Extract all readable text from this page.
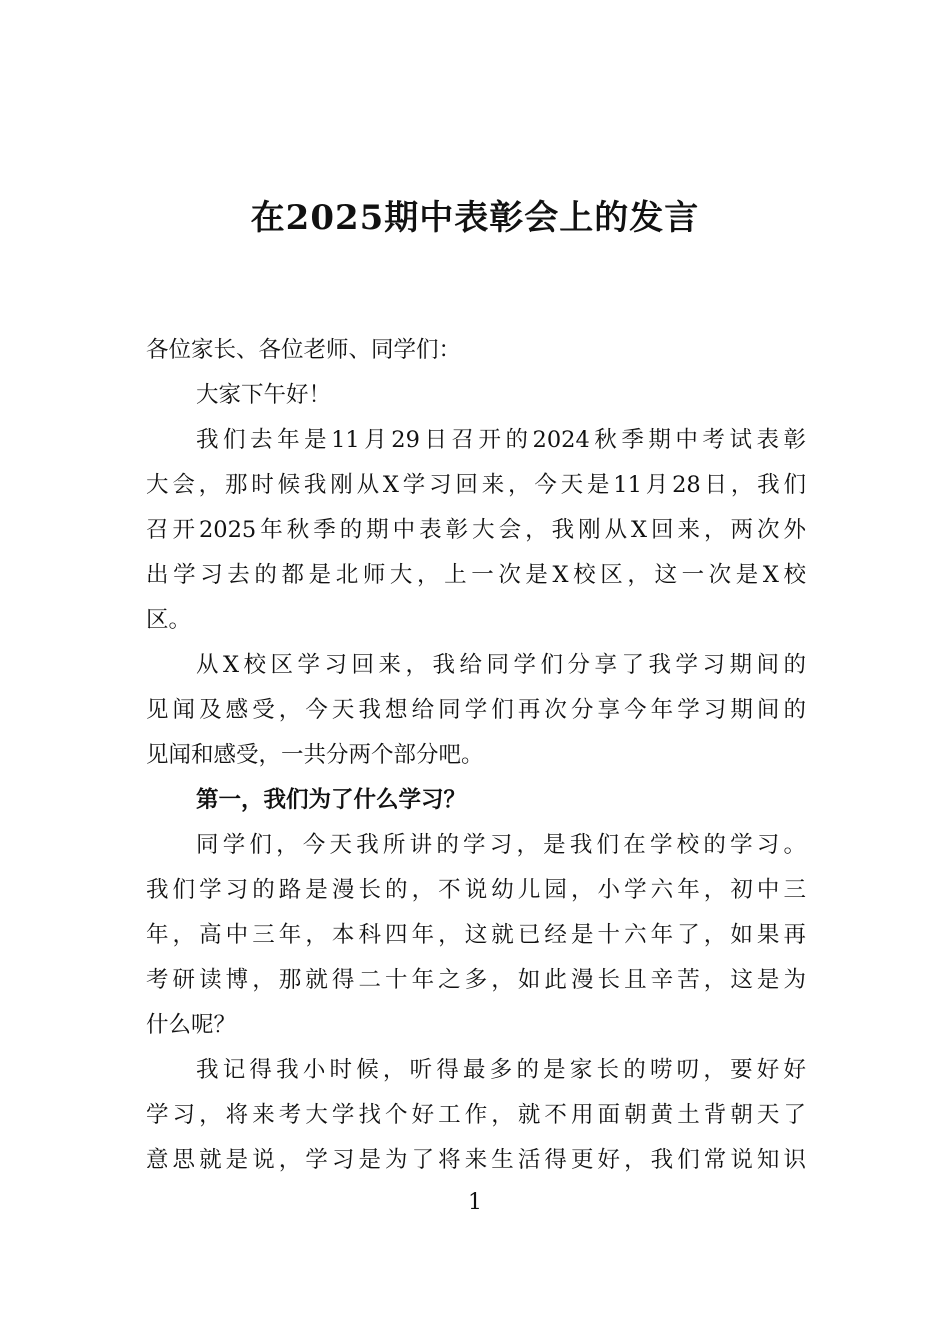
在2025期中表彰会上的发言
各位家长、各位老师、同学们：
大家下午好！
我们去年是11月29日召开的2024秋季期中考试表彰
大会，那时候我刚从X学习回来，今天是11月28日，我们
召开2025年秋季的期中表彰大会，我刚从X回来，两次外
出学习去的都是北师大，上一次是X校区，这一次是X校
区。
从X校区学习回来，我给同学们分享了我学习期间的
见闻及感受，今天我想给同学们再次分享今年学习期间的
见闻和感受，一共分两个部分吧。
第一，我们为了什么学习？
同学们，今天我所讲的学习，是我们在学校的学习。
我们学习的路是漫长的，不说幼儿园，小学六年，初中三
年，高中三年，本科四年，这就已经是十六年了，如果再
考研读博，那就得二十年之多，如此漫长且辛苦，这是为
什么呢？
我记得我小时候，听得最多的是家长的唠叨，要好好
学习，将来考大学找个好工作，就不用面朝黄土背朝天了
意思就是说，学习是为了将来生活得更好，我们常说知识
1
